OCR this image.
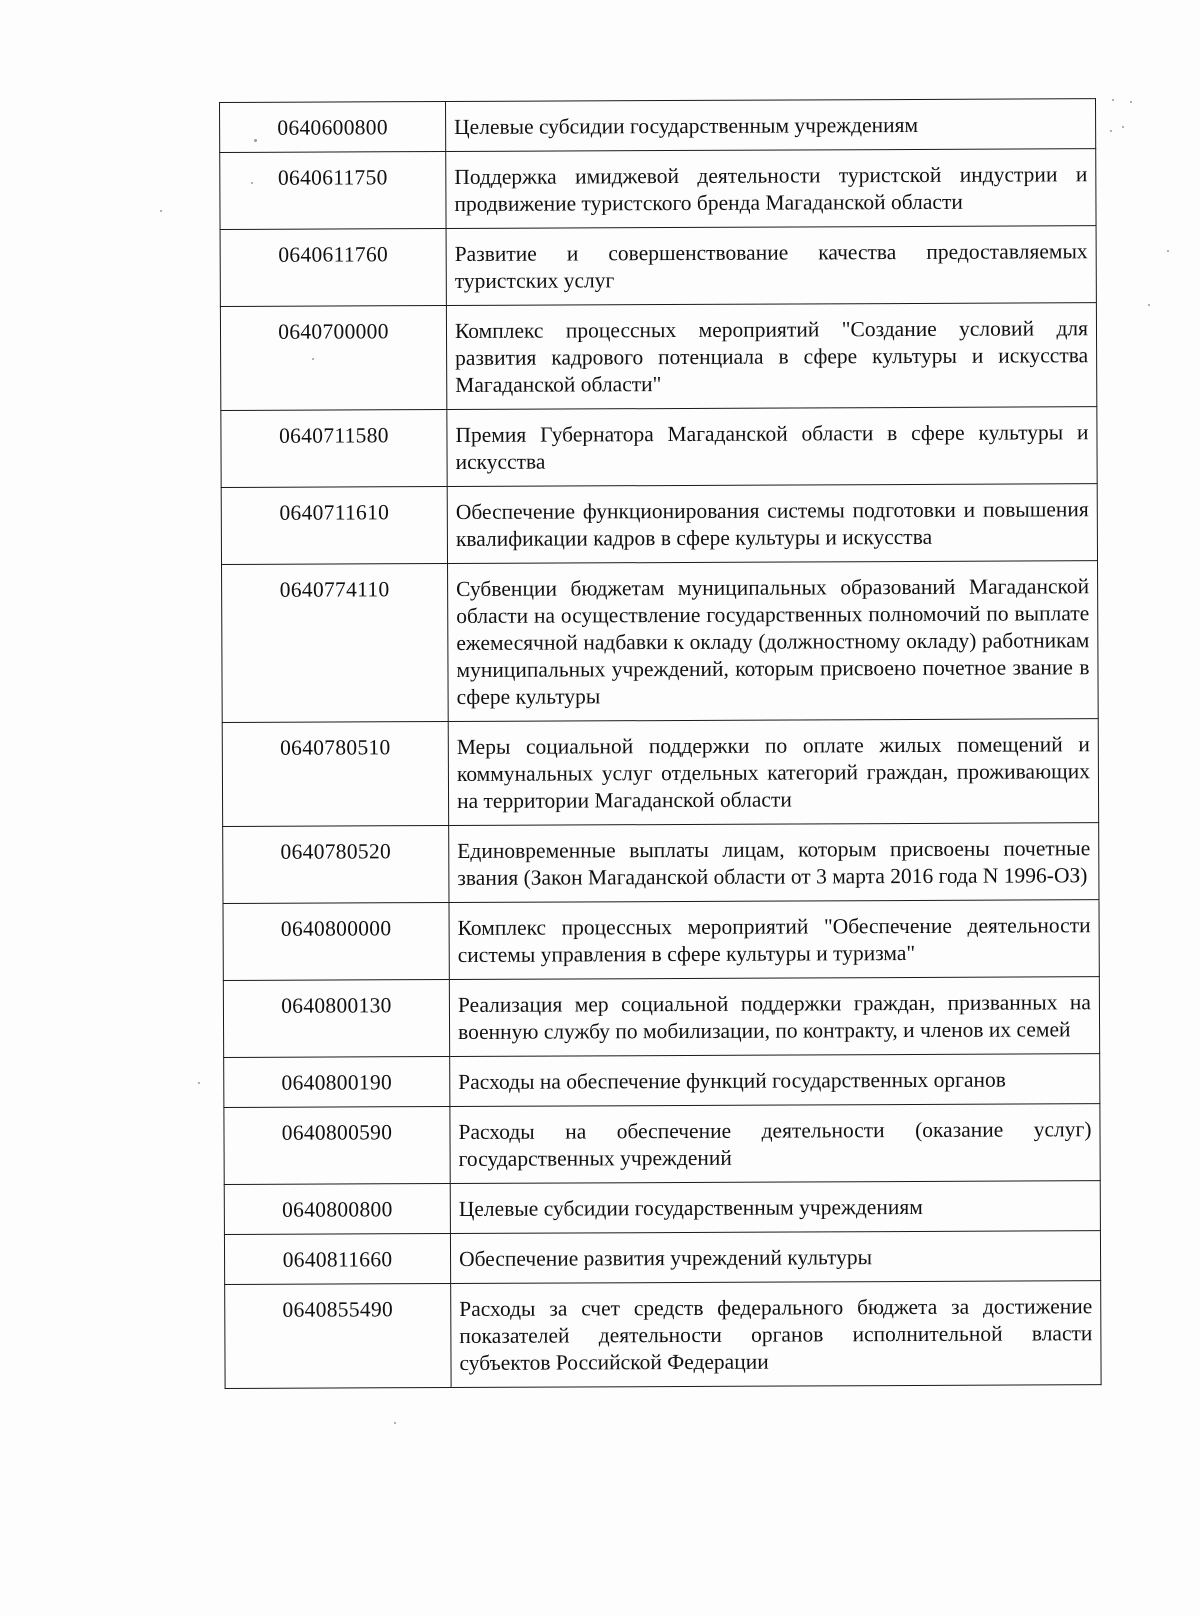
0640600800	Целевые субсидии государственным учреждениям
0640611750	Поддержка имиджевой деятельности туристской индустрии и продвижение туристского бренда Магаданской области
0640611760	Развитие и совершенствование качества предоставляемых туристских услуг
0640700000	Комплекс процессных мероприятий "Создание условий для развития кадрового потенциала в сфере культуры и искусства Магаданской области"
0640711580	Премия Губернатора Магаданской области в сфере культуры и искусства
0640711610	Обеспечение функционирования системы подготовки и повышения квалификации кадров в сфере культуры и искусства
0640774110	Субвенции бюджетам муниципальных образований Магаданской области на осуществление государственных полномочий по выплате ежемесячной надбавки к окладу (должностному окладу) работникам муниципальных учреждений, которым присвоено почетное звание в сфере культуры
0640780510	Меры социальной поддержки по оплате жилых помещений и коммунальных услуг отдельных категорий граждан, проживающих на территории Магаданской области
0640780520	Единовременные выплаты лицам, которым присвоены почетные звания (Закон Магаданской области от 3 марта 2016 года N 1996-ОЗ)
0640800000	Комплекс процессных мероприятий "Обеспечение деятельности системы управления в сфере культуры и туризма"
0640800130	Реализация мер социальной поддержки граждан, призванных на военную службу по мобилизации, по контракту, и членов их семей
0640800190	Расходы на обеспечение функций государственных органов
0640800590	Расходы на обеспечение деятельности (оказание услуг) государственных учреждений
0640800800	Целевые субсидии государственным учреждениям
0640811660	Обеспечение развития учреждений культуры
0640855490	Расходы за счет средств федерального бюджета за достижение показателей деятельности органов исполнительной власти субъектов Российской Федерации
